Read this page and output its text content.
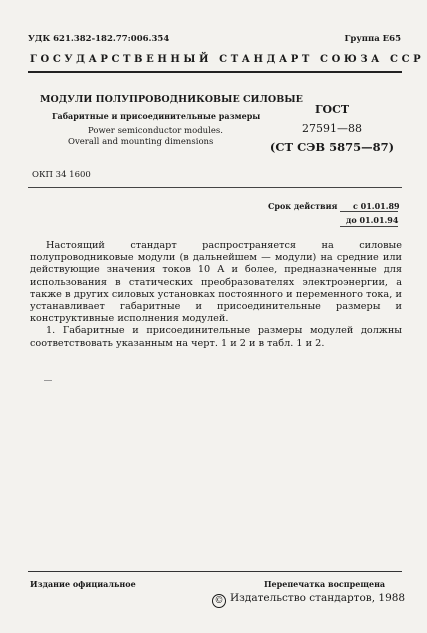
УДК 621.382-182.77:006.354	Группа Е65
ГОСУДАРСТВЕННЫЙ СТАНДАРТ СОЮЗА ССР
МОДУЛИ ПОЛУПРОВОДНИКОВЫЕ СИЛОВЫЕ
Габаритные и присоединительные размеры
Power semiconductor modules.
Overall and mounting dimensions
ГОСТ
27591—88
(СТ СЭВ 5875—87)
ОКП 34 1600
Срок действия с 01.01.89
до 01.01.94

Настоящий стандарт распространяется на силовые полупроводниковые модули (в дальнейшем — модули) на средние или действующие значения токов 10 А и более, предназначенные для использования в статических преобразователях электроэнергии, а также в других силовых установках постоянного и переменного тока, и устанавливает габаритные и присоединительные размеры и конструктивные исполнения модулей.

1. Габаритные и присоединительные размеры модулей должны соответствовать указанным на черт. 1 и 2 и в табл. 1 и 2.

Издание официальное	Перепечатка воспрещена
© Издательство стандартов, 1988
